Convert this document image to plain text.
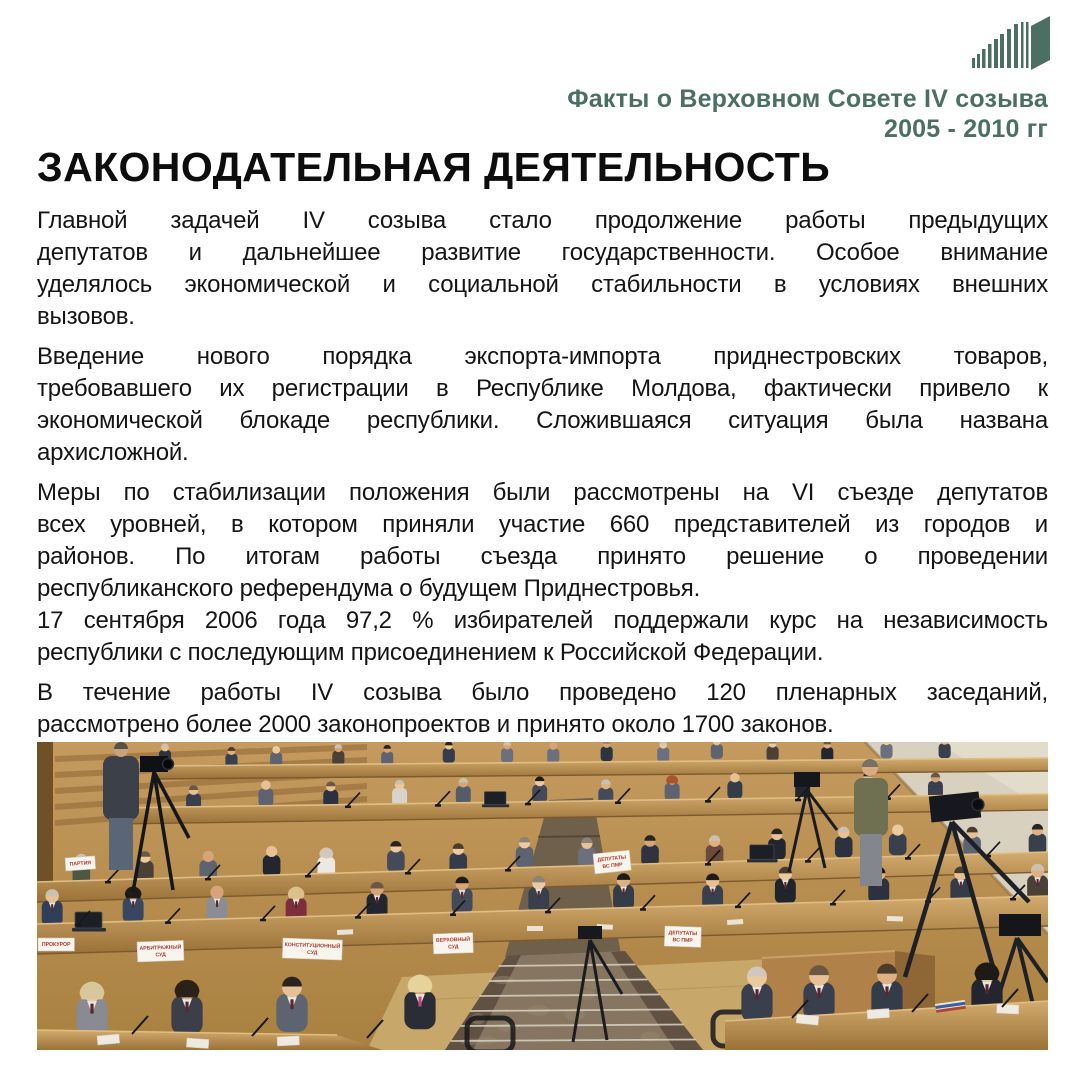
Факты о Верховном Совете IV созыва
2005 - 2010 гг
ЗАКОНОДАТЕЛЬНАЯ ДЕЯТЕЛЬНОСТЬ
Главной задачей IV созыва стало продолжение работы предыдущих
депутатов и дальнейшее развитие государственности. Особое внимание
уделялось экономической и социальной стабильности в условиях внешних
вызовов.
Введение нового порядка экспорта-импорта приднестровских товаров,
требовавшего их регистрации в Республике Молдова, фактически привело к
экономической блокаде республики. Сложившаяся ситуация была названа
архисложной.
Меры по стабилизации положения были рассмотрены на VI съезде депутатов
всех уровней, в котором приняли участие 660 представителей из городов и
районов. По итогам работы съезда принято решение о проведении
республиканского референдума о будущем Приднестровья.
17 сентября 2006 года 97,2 % избирателей поддержали курс на независимость
республики с последующим присоединением к Российской Федерации.
В течение работы IV созыва было проведено 120 пленарных заседаний,
рассмотрено более 2000 законопроектов и принято около 1700 законов.
ПАРТИЯ
ДЕПУТАТЫ
ВС ПМР
ПРОКУРОР	АРБИТРАЖНЫЙ
СУД
КОНСТИТУЦИОННЫЙ
СУД
ВЕРХОВНЫЙ
СУД
ДЕПУТАТЫ
ВС ПМР
